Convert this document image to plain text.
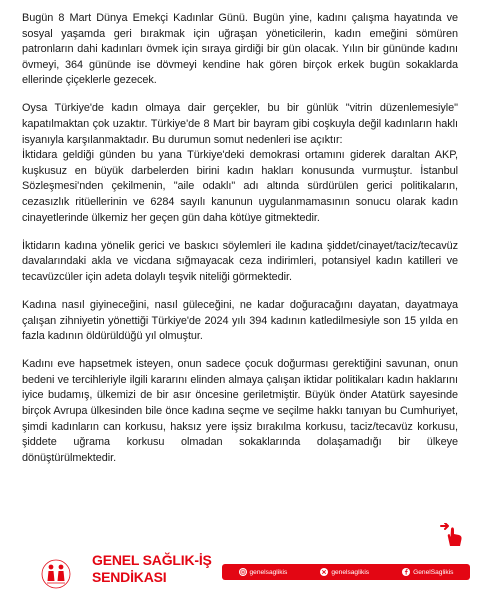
Bugün 8 Mart Dünya Emekçi Kadınlar Günü. Bugün yine, kadını çalışma hayatında ve sosyal yaşamda geri bırakmak için uğraşan yöneticilerin, kadın emeğini sömüren patronların dahi kadınları övmek için sıraya girdiği bir gün olacak. Yılın bir gününde kadını övmeyi, 364 gününde ise dövmeyi kendine hak gören birçok erkek bugün sokaklarda ellerinde çiçeklerle gezecek.

Oysa Türkiye'de kadın olmaya dair gerçekler, bu bir günlük "vitrin düzenlemesiyle" kapatılmaktan çok uzaktır. Türkiye'de 8 Mart bir bayram gibi coşkuyla değil kadınların haklı isyanıyla karşılanmaktadır. Bu durumun somut nedenleri ise açıktır:

İktidara geldiği günden bu yana Türkiye'deki demokrasi ortamını giderek daraltan AKP, kuşkusuz en büyük darbelerden birini kadın hakları konusunda vurmuştur. İstanbul Sözleşmesi'nden çekilmenin, "aile odaklı" adı altında sürdürülen gerici politikaların, cezasızlık ritüellerinin ve 6284 sayılı kanunun uygulanmamasının sonucu olarak kadın cinayetlerinde ülkemiz her geçen gün daha kötüye gitmektedir.

İktidarın kadına yönelik gerici ve baskıcı söylemleri ile kadına şiddet/cinayet/taciz/tecavüz davalarındaki akla ve vicdana sığmayacak ceza indirimleri, potansiyel kadın katilleri ve tecavüzcüler için adeta dolaylı teşvik niteliği görmektedir.

Kadına nasıl giyineceğini, nasıl güleceğini, ne kadar doğuracağını dayatan, dayatmaya çalışan zihniyetin yönettiği Türkiye'de 2024 yılı 394 kadının katledilmesiyle son 15 yılda en fazla kadının öldürüldüğü yıl olmuştur.

Kadını eve hapsetmek isteyen, onun sadece çocuk doğurması gerektiğini savunan, onun bedeni ve tercihleriyle ilgili kararını elinden almaya çalışan iktidar politikaları kadın haklarını iyice budamış, ülkemizi de bir asır öncesine geriletmiştir. Büyük önder Atatürk sayesinde birçok Avrupa ülkesinden bile önce kadına seçme ve seçilme hakkı tanıyan bu Cumhuriyet, şimdi kadınların can korkusu, haksız yere işsiz bırakılma korkusu, taciz/tecavüz korkusu, şiddete uğrama korkusu olmadan sokaklarında dolaşamadığı bir ülkeye dönüştürülmektedir.

GENEL SAĞLIK-İŞ
SENDİKASI	genelsaglikis	genelsaglikis	GenelSaglikis
